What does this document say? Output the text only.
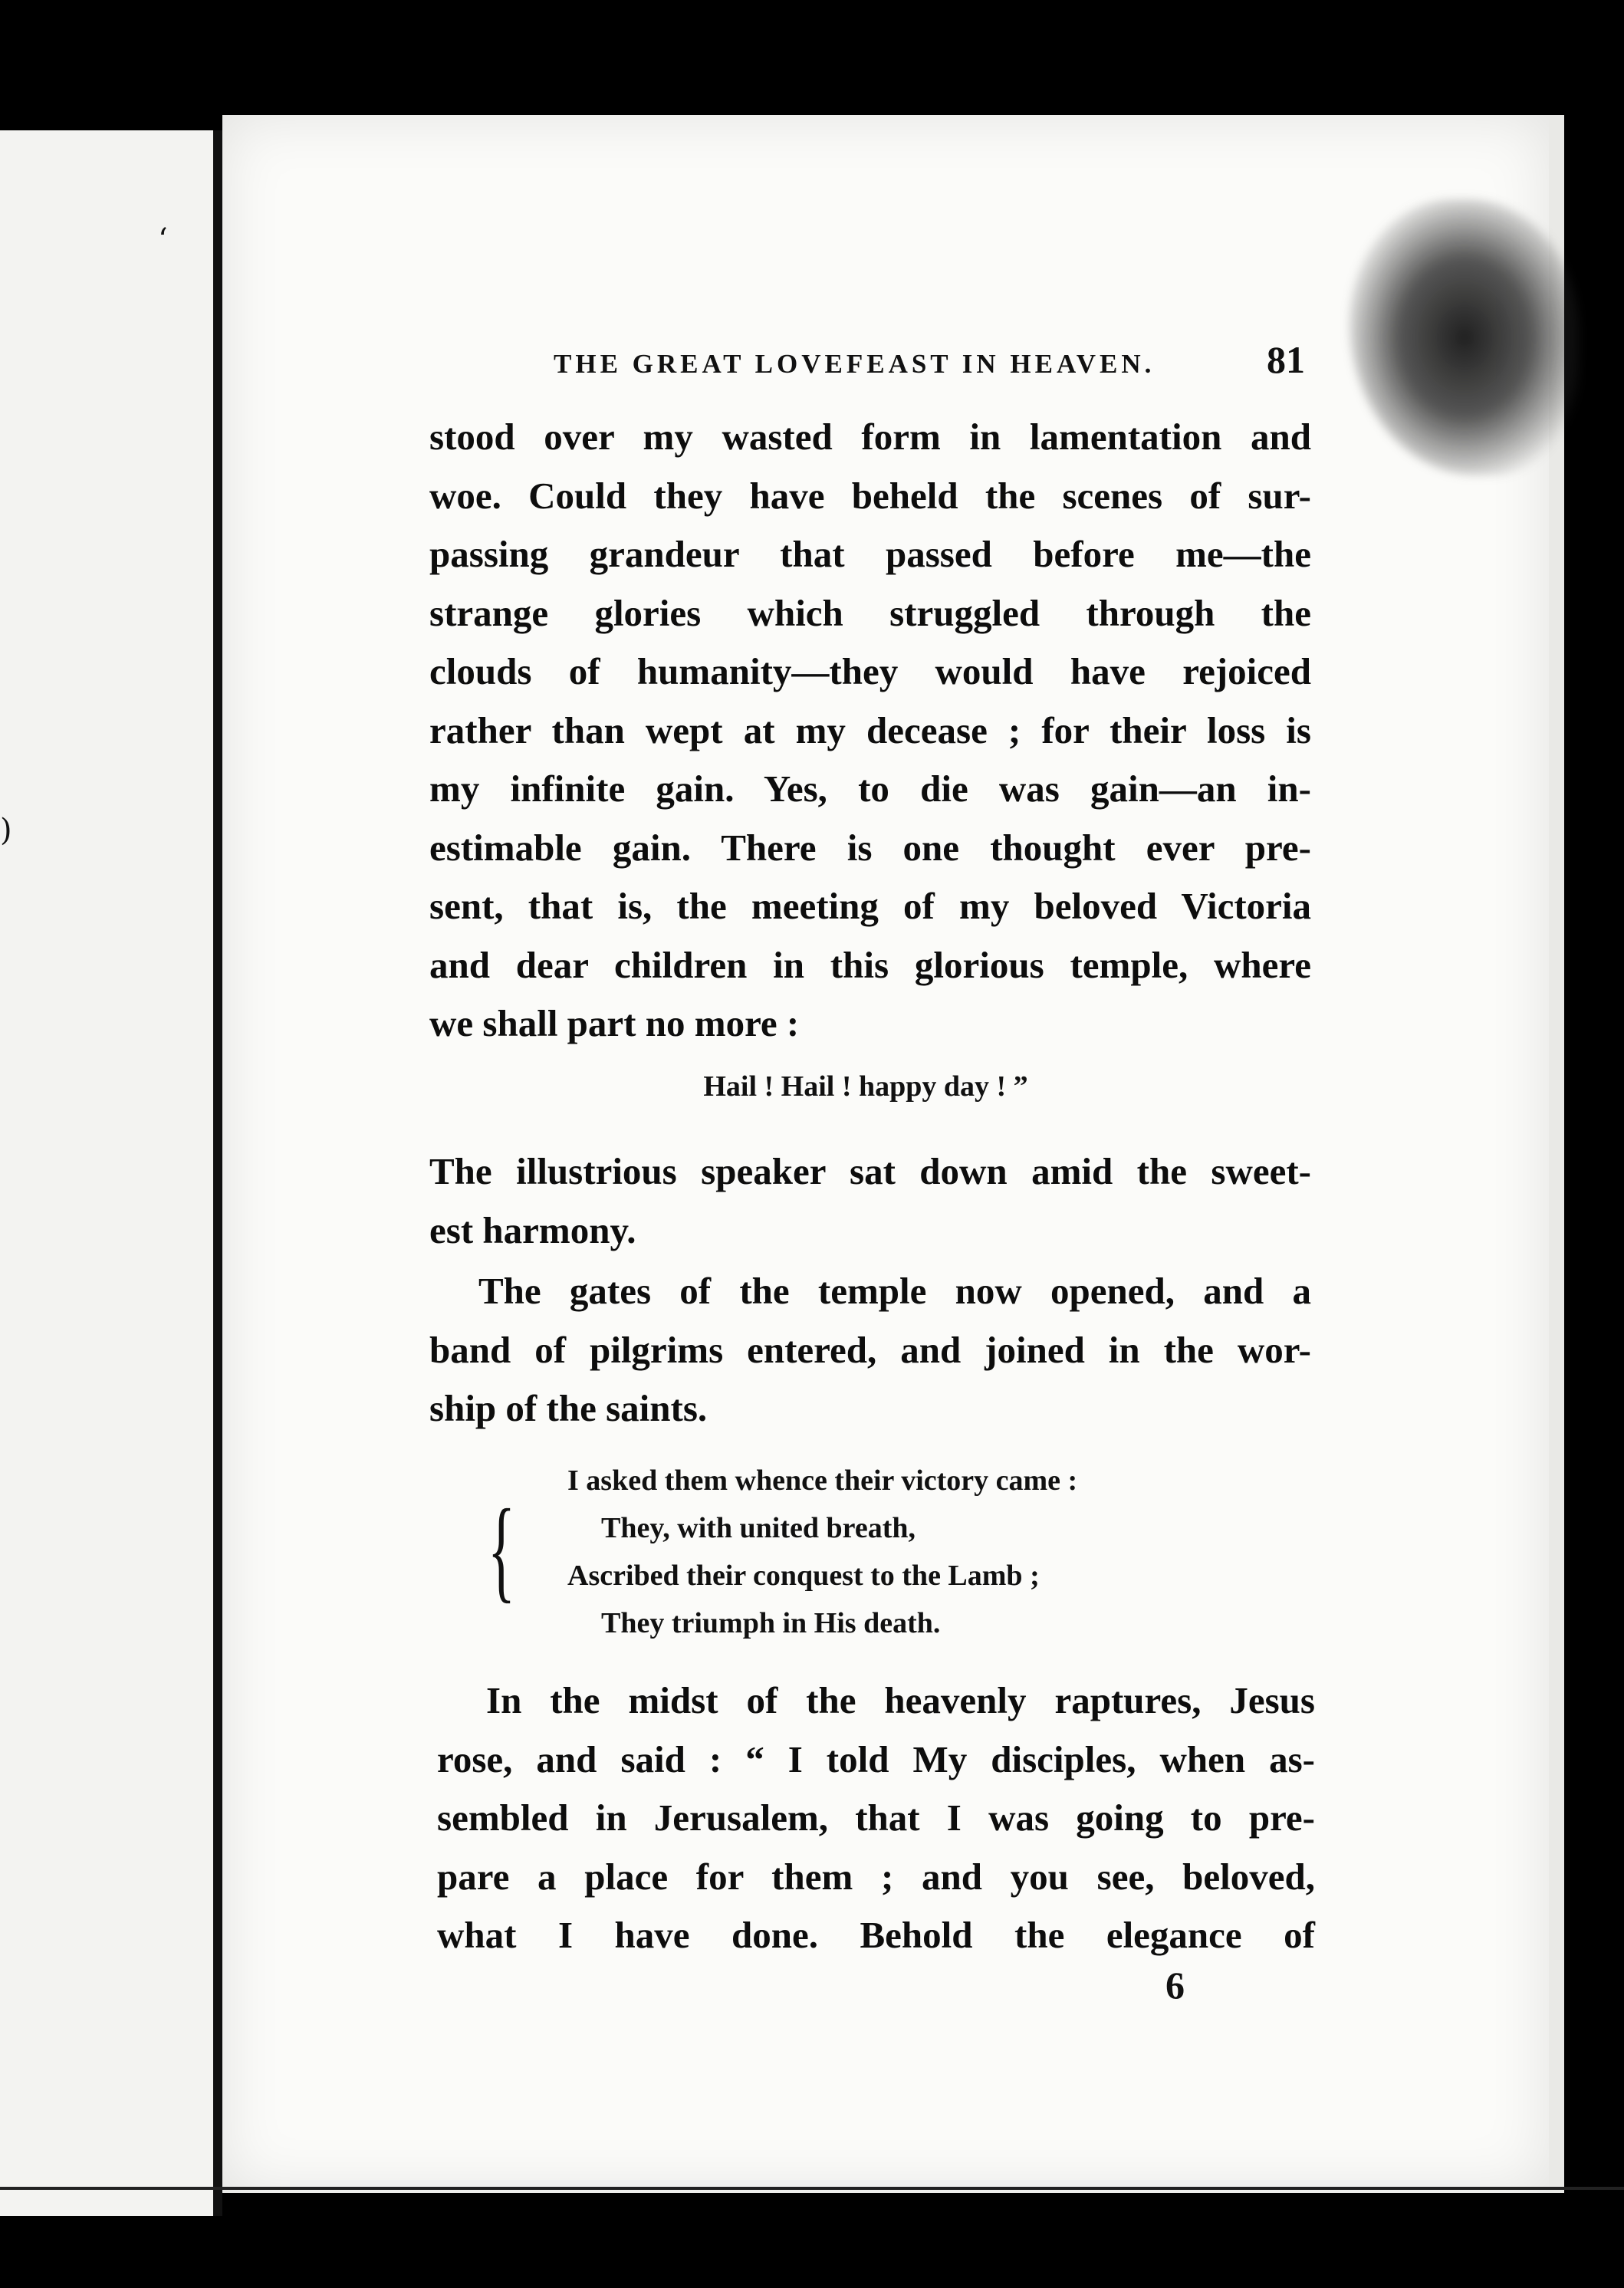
‘
)
THE GREAT LOVEFEAST IN HEAVEN.	81
stood over my wasted form in lamentation and
woe. Could they have beheld the scenes of sur-
passing grandeur that passed before me—the
strange glories which struggled through the
clouds of humanity—they would have rejoiced
rather than wept at my decease ; for their loss is
my infinite gain. Yes, to die was gain—an in-
estimable gain. There is one thought ever pre-
sent, that is, the meeting of my beloved Victoria
and dear children in this glorious temple, where
we shall part no more :
Hail ! Hail ! happy day ! ”
The illustrious speaker sat down amid the sweet-
est harmony.
The gates of the temple now opened, and a
band of pilgrims entered, and joined in the wor-
ship of the saints.
{
I asked them whence their victory came :
They, with united breath,
Ascribed their conquest to the Lamb ;
They triumph in His death.
In the midst of the heavenly raptures, Jesus
rose, and said : “ I told My disciples, when as-
sembled in Jerusalem, that I was going to pre-
pare a place for them ; and you see, beloved,
what I have done. Behold the elegance of
6
